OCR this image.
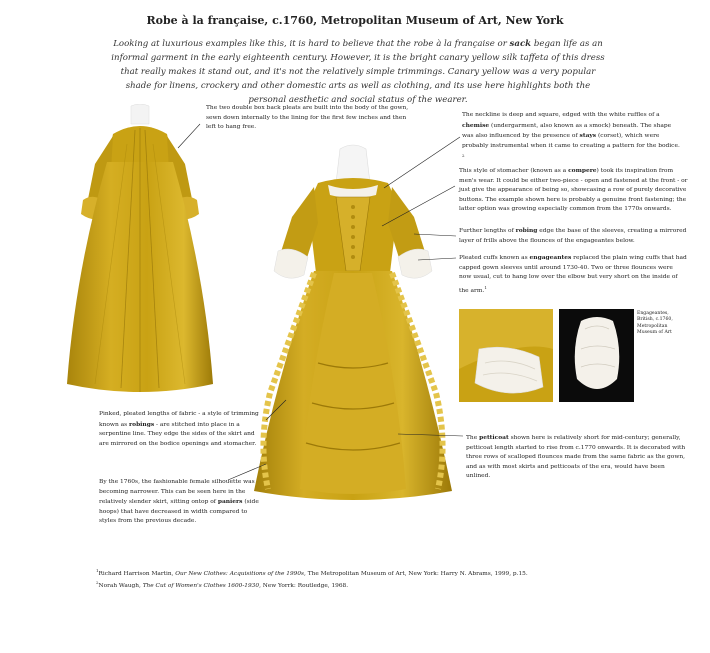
Robe à la française, c.1760, Metropolitan Museum of Art, New York
Looking at luxurious examples like this, it is hard to believe that the robe à la française or sack began life as an informal garment in the early eighteenth century. However, it is the bright canary yellow silk taffeta of this dress that really makes it stand out, and it's not the relatively simple trimmings. Canary yellow was a very popular shade for linens, crockery and other domestic arts as well as clothing, and its use here highlights both the personal aesthetic and social status of the wearer.
Engageantes, British, c.1760, Metropolitan Museum of Art
The two double box back pleats are built into the body of the gown, sewn down internally to the lining for the first few inches and then left to hang free.
The neckline is deep and square, edged with the white ruffles of a chemise (undergarment, also known as a smock) beneath. The shape was also influenced by the presence of stays (corset), which were probably instrumental when it came to creating a pattern for the bodice. $^2$
This style of stomacher (known as a compere) took its inspiration from men's wear. It could be either two-piece - open and fastened at the front - or just give the appearance of being so, showcasing a row of purely decorative buttons. The example shown here is probably a genuine front fastening; the latter option was growing especially common from the 1770s onwards.
Further lengths of robing edge the base of the sleeves, creating a mirrored layer of frills above the flounces of the engageantes below.
Pleated cuffs known as engageantes replaced the plain wing cuffs that had capped gown sleeves until around 1730-40. Two or three flounces were now usual, cut to hang low over the elbow but very short on the inside of the arm.$^1$
Pinked, pleated lengths of fabric - a style of trimming known as robings - are stitched into place in a serpentine line. They edge the sides of the skirt and are mirrored on the bodice openings and stomacher.
By the 1760s, the fashionable female silhouette was becoming narrower. This can be seen here in the relatively slender skirt, sitting ontop of paniers (side hoops) that have decreased in width compared to styles from the previous decade.
The petticoat shown here is relatively short for mid-century; generally, petticoat length started to rise from c.1770 onwards. It is decorated with three rows of scalloped flounces made from the same fabric as the gown, and as with most skirts and petticoats of the era, would have been unlined.
$^1$Richard Harrison Martin, Our New Clothes: Acquisitions of the 1990s, The Metropolitan Museum of Art, New York: Harry N. Abrams, 1999, p.15.
$^2$Norah Waugh, The Cut of Women's Clothes 1600-1930, New Yorrk: Routledge, 1968.
